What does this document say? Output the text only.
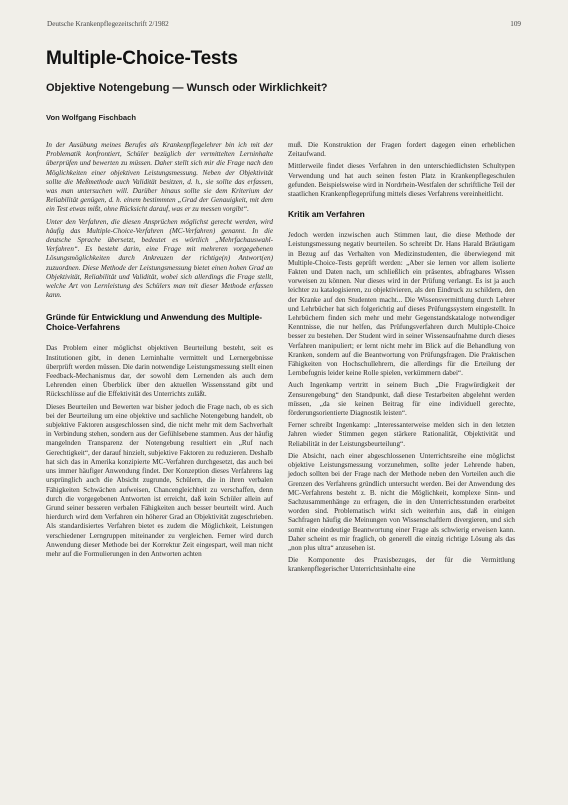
Deutsche Krankenpflegezeitschrift 2/1982	109
Multiple-Choice-Tests
Objektive Notengebung — Wunsch oder Wirklichkeit?
Von Wolfgang Fischbach

In der Ausübung meines Berufes als Krankenpflegelehrer bin ich mit der Problematik konfrontiert, Schüler bezüglich der vermittelten Lerninhalte überprüfen und bewerten zu müssen. Daher stellt sich mir die Frage nach den Möglichkeiten einer objektiven Leistungsmessung. Neben der Objektivität sollte die Meßmethode auch Validität besitzen, d. h., sie sollte das erfassen, was man untersuchen will. Darüber hinaus sollte sie dem Kriterium der Reliabilität genügen, d. h. einem bestimmten „Grad der Genauigkeit, mit dem ein Test etwas mißt, ohne Rücksicht darauf, was er zu messen vorgibt“.

Unter den Verfahren, die diesen Ansprüchen möglichst gerecht werden, wird häufig das Multiple-Choice-Verfahren (MC-Verfahren) genannt. In die deutsche Sprache übersetzt, bedeutet es wörtlich „Mehrfachauswahl-Verfahren“. Es besteht darin, eine Frage mit mehreren vorgegebenen Lösungsmöglichkeiten durch Ankreuzen der richtige(n) Antwort(en) zuzuordnen. Diese Methode der Leistungsmessung bietet einen hohen Grad an Objektivität, Reliabilität und Validität, wobei sich allerdings die Frage stellt, welche Art von Lernleistung des Schülers man mit dieser Methode erfassen kann.

Gründe für Entwicklung und Anwendung des Multiple-Choice-Verfahrens

Das Problem einer möglichst objektiven Beurteilung besteht, seit es Institutionen gibt, in denen Lerninhalte vermittelt und Lernergebnisse überprüft werden müssen. Die darin notwendige Leistungsmessung stellt einen Feedback-Mechanismus dar, der sowohl dem Lernenden als auch dem Lehrenden einen Überblick über den aktuellen Wissensstand gibt und Rückschlüsse auf die Effektivität des Unterrichts zuläßt.

Dieses Beurteilen und Bewerten war bisher jedoch die Frage nach, ob es sich bei der Beurteilung um eine objektive und sachliche Notengebung handelt, ob subjektive Faktoren ausgeschlossen sind, die nicht mehr mit dem Sachverhalt in Verbindung stehen, sondern aus der Gefühlsebene stammen. Aus der häufig mangelnden Transparenz der Notengebung resultiert ein „Ruf nach Gerechtigkeit“, der darauf hinzielt, subjektive Faktoren zu reduzieren. Deshalb hat sich das in Amerika konzipierte MC-Verfahren durchgesetzt, das auch bei uns immer häufiger Anwendung findet. Der Konzeption dieses Verfahrens lag ursprünglich auch die Absicht zugrunde, Schülern, die in ihren verbalen Fähigkeiten Schwächen aufweisen, Chancengleichheit zu verschaffen, denn durch die vorgegebenen Antworten ist erreicht, daß kein Schüler allein auf Grund seiner besseren verbalen Fähigkeiten auch besser beurteilt wird. Auch hierdurch wird dem Verfahren ein höherer Grad an Objektivität zugeschrieben. Als standardisiertes Verfahren bietet es zudem die Möglichkeit, Leistungen verschiedener Lerngruppen miteinander zu vergleichen. Ferner wird durch Anwendung dieser Methode bei der Korrektur Zeit eingespart, weil man nicht mehr auf die Formulierungen in den Antworten achten

muß. Die Konstruktion der Fragen fordert dagegen einen erheblichen Zeitaufwand.

Mittlerweile findet dieses Verfahren in den unterschiedlichsten Schultypen Verwendung und hat auch seinen festen Platz in Krankenpflegeschulen gefunden. Beispielsweise wird in Nordrhein-Westfalen der schriftliche Teil der staatlichen Krankenpflegeprüfung mittels dieses Verfahrens vereinheitlicht.

Kritik am Verfahren

Jedoch werden inzwischen auch Stimmen laut, die diese Methode der Leistungsmessung negativ beurteilen. So schreibt Dr. Hans Harald Bräutigam in Bezug auf das Verhalten von Medizinstudenten, die überwiegend mit Multiple-Choice-Tests geprüft werden: „Aber sie lernen vor allem isolierte Fakten und Daten nach, um schließlich ein präsentes, abfragbares Wissen vorweisen zu können. Nur dieses wird in der Prüfung verlangt. Es ist ja auch leichter zu katalogisieren, zu objektivieren, als den Eindruck zu schildern, den der Kranke auf den Studenten macht... Die Wissensvermittlung durch Lehrer und Lehrbücher hat sich folgerichtig auf dieses Prüfungssystem eingestellt. In Lehrbüchern finden sich mehr und mehr Gegenstandskataloge notwendiger Kenntnisse, die nur helfen, das Prüfungsverfahren durch Multiple-Choice besser zu bestehen. Der Student wird in seiner Wissensaufnahme durch dieses Verfahren manipuliert; er lernt nicht mehr im Blick auf die Behandlung von Kranken, sondern auf die Beantwortung von Prüfungsfragen. Die Praktischen Fähigkeiten von Hochschullehrern, die allerdings für die Erteilung der Lernbefugnis leider keine Rolle spielen, verkümmern dabei“.

Auch Ingenkamp vertritt in seinem Buch „Die Fragwürdigkeit der Zensurengebung“ den Standpunkt, daß diese Testarbeiten abgelehnt werden müssen, „da sie keinen Beitrag für eine individuell gerechte, förderungsorientierte Diagnostik leisten“.

Ferner schreibt Ingenkamp: „Interessanterweise melden sich in den letzten Jahren wieder Stimmen gegen stärkere Rationalität, Objektivität und Reliabilität in der Leistungsbeurteilung“.

Die Absicht, nach einer abgeschlossenen Unterrichtsreihe eine möglichst objektive Leistungsmessung vorzunehmen, sollte jeder Lehrende haben, jedoch sollten bei der Frage nach der Methode neben den Vorteilen auch die Grenzen des Verfahrens gründlich untersucht werden. Bei der Anwendung des MC-Verfahrens besteht z. B. nicht die Möglichkeit, komplexe Sinn- und Sachzusammenhänge zu erfragen, die in den Unterrichtsstunden erarbeitet worden sind. Problematisch wirkt sich weiterhin aus, daß in einigen Sachfragen häufig die Meinungen von Wissenschaftlern divergieren, und sich somit eine eindeutige Beantwortung einer Frage als schwierig erweisen kann. Daher scheint es mir fraglich, ob generell die einzig richtige Lösung als das „non plus ultra“ anzusehen ist.

Die Komponente des Praxisbezuges, der für die Vermittlung krankenpflegerischer Unterrichtsinhalte eine
